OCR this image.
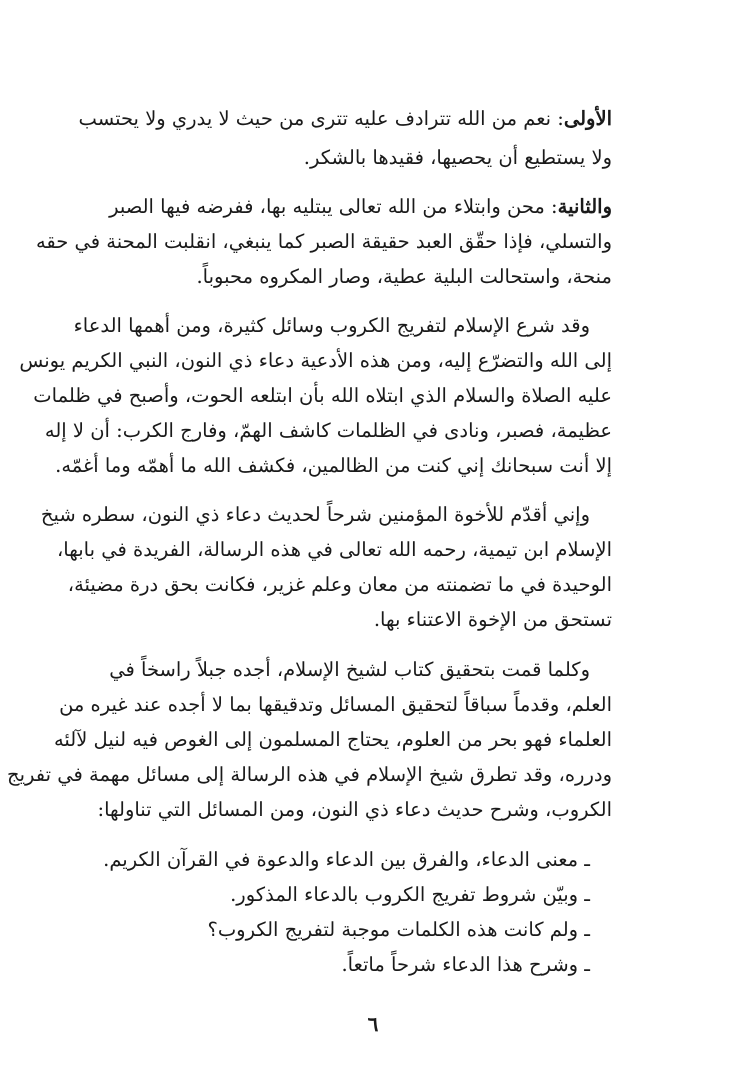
الأولى: نعم من الله تترادف عليه تترى من حيث لا يدري ولا يحتسب

ولا يستطيع أن يحصيها، فقيدها بالشكر.

والثانية: محن وابتلاء من الله تعالى يبتليه بها، ففرضه فيها الصبر

والتسلي، فإذا حقّق العبد حقيقة الصبر كما ينبغي، انقلبت المحنة في حقه

منحة، واستحالت البلية عطية، وصار المكروه محبوباً.

وقد شرع الإسلام لتفريج الكروب وسائل كثيرة، ومن أهمها الدعاء

إلى الله والتضرّع إليه، ومن هذه الأدعية دعاء ذي النون، النبي الكريم يونس

عليه الصلاة والسلام الذي ابتلاه الله بأن ابتلعه الحوت، وأصبح في ظلمات

عظيمة، فصبر، ونادى في الظلمات كاشف الهمّ، وفارج الكرب: أن لا إله

إلا أنت سبحانك إني كنت من الظالمين، فكشف الله ما أهمّه وما أغمّه.

وإني أقدّم للأخوة المؤمنين شرحاً لحديث دعاء ذي النون، سطره شيخ

الإسلام ابن تيمية، رحمه الله تعالى في هذه الرسالة، الفريدة في بابها،

الوحيدة في ما تضمنته من معان وعلم غزير، فكانت بحق درة مضيئة،

تستحق من الإخوة الاعتناء بها.

وكلما قمت بتحقيق كتاب لشيخ الإسلام، أجده جبلاً راسخاً في

العلم، وقدماً سباقاً لتحقيق المسائل وتدقيقها بما لا أجده عند غيره من

العلماء فهو بحر من العلوم، يحتاج المسلمون إلى الغوص فيه لنيل لآلئه

ودرره، وقد تطرق شيخ الإسلام في هذه الرسالة إلى مسائل مهمة في تفريج

الكروب، وشرح حديث دعاء ذي النون، ومن المسائل التي تناولها:

ـ معنى الدعاء، والفرق بين الدعاء والدعوة في القرآن الكريم.

ـ وبيّن شروط تفريج الكروب بالدعاء المذكور.

ـ ولم كانت هذه الكلمات موجبة لتفريج الكروب؟

ـ وشرح هذا الدعاء شرحاً ماتعاً.

٦
